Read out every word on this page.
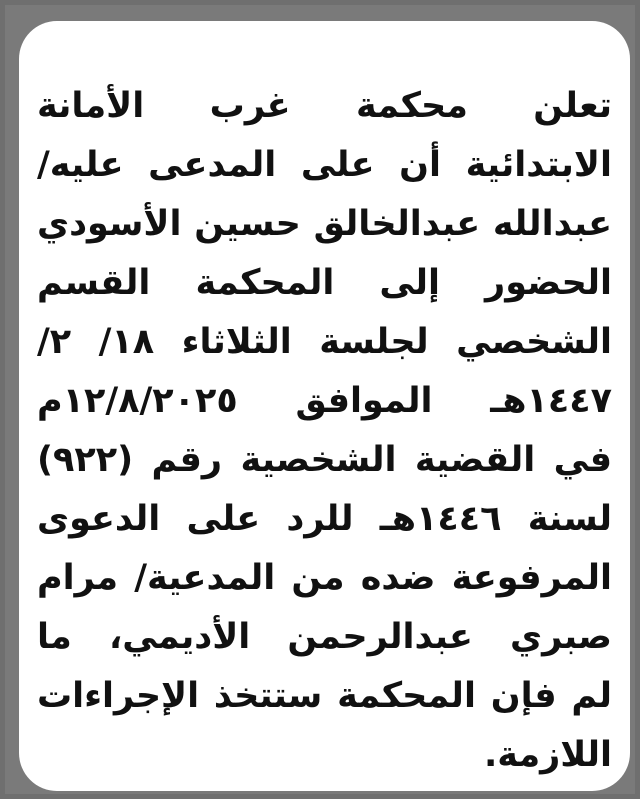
تعلن محكمة غرب الأمانة
الابتدائية أن على المدعى عليه/
عبدالله عبدالخالق حسين الأسودي
الحضور إلى المحكمة القسم
الشخصي لجلسة الثلاثاء ١٨/ ٢/
١٤٤٧هـ الموافق ١٢/٨/٢٠٢٥م
في القضية الشخصية رقم (٩٢٢)
لسنة ١٤٤٦هـ للرد على الدعوى
المرفوعة ضده من المدعية/ مرام
صبري عبدالرحمن الأديمي، ما
لم فإن المحكمة ستتخذ الإجراءات
اللازمة.
